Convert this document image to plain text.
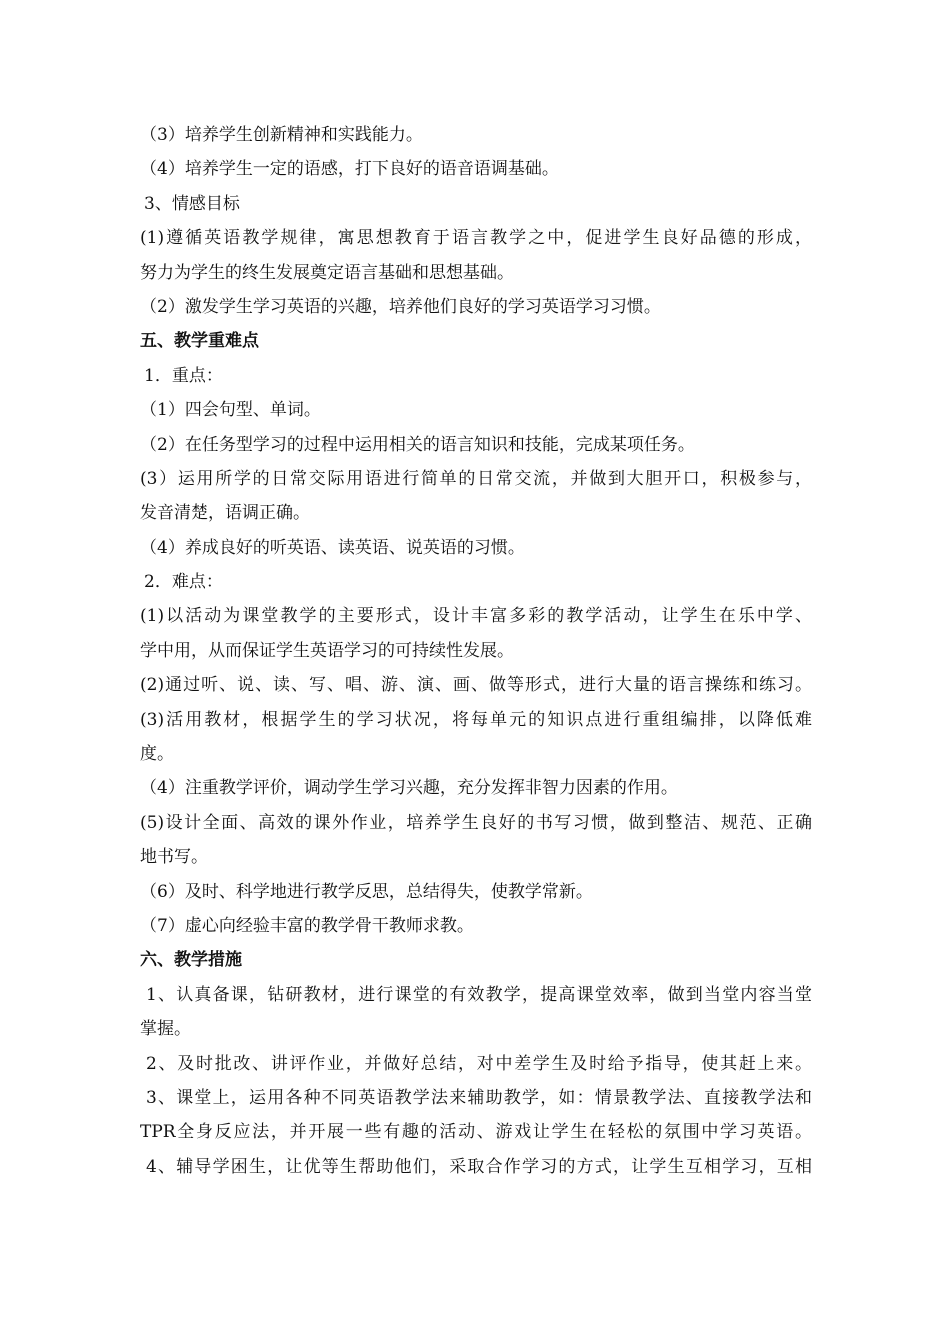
（3）培养学生创新精神和实践能力。
（4）培养学生一定的语感，打下良好的语音语调基础。
3、情感目标
(1)遵循英语教学规律，寓思想教育于语言教学之中，促进学生良好品德的形成，
努力为学生的终生发展奠定语言基础和思想基础。
（2）激发学生学习英语的兴趣，培养他们良好的学习英语学习习惯。
五、教学重难点
1．重点：
（1）四会句型、单词。
（2）在任务型学习的过程中运用相关的语言知识和技能，完成某项任务。
(3）运用所学的日常交际用语进行简单的日常交流，并做到大胆开口，积极参与，
发音清楚，语调正确。
（4）养成良好的听英语、读英语、说英语的习惯。
2．难点：
(1)以活动为课堂教学的主要形式，设计丰富多彩的教学活动，让学生在乐中学、
学中用，从而保证学生英语学习的可持续性发展。
(2)通过听、说、读、写、唱、游、演、画、做等形式，进行大量的语言操练和练习。
(3)活用教材，根据学生的学习状况，将每单元的知识点进行重组编排，以降低难
度。
（4）注重教学评价，调动学生学习兴趣，充分发挥非智力因素的作用。
(5)设计全面、高效的课外作业，培养学生良好的书写习惯，做到整洁、规范、正确
地书写。
（6）及时、科学地进行教学反思，总结得失，使教学常新。
（7）虚心向经验丰富的教学骨干教师求教。
六、教学措施
1、认真备课，钻研教材，进行课堂的有效教学，提高课堂效率，做到当堂内容当堂
掌握。
2、及时批改、讲评作业，并做好总结，对中差学生及时给予指导，使其赶上来。
3、课堂上，运用各种不同英语教学法来辅助教学，如：情景教学法、直接教学法和
TPR全身反应法，并开展一些有趣的活动、游戏让学生在轻松的氛围中学习英语。
4、辅导学困生，让优等生帮助他们，采取合作学习的方式，让学生互相学习，互相
